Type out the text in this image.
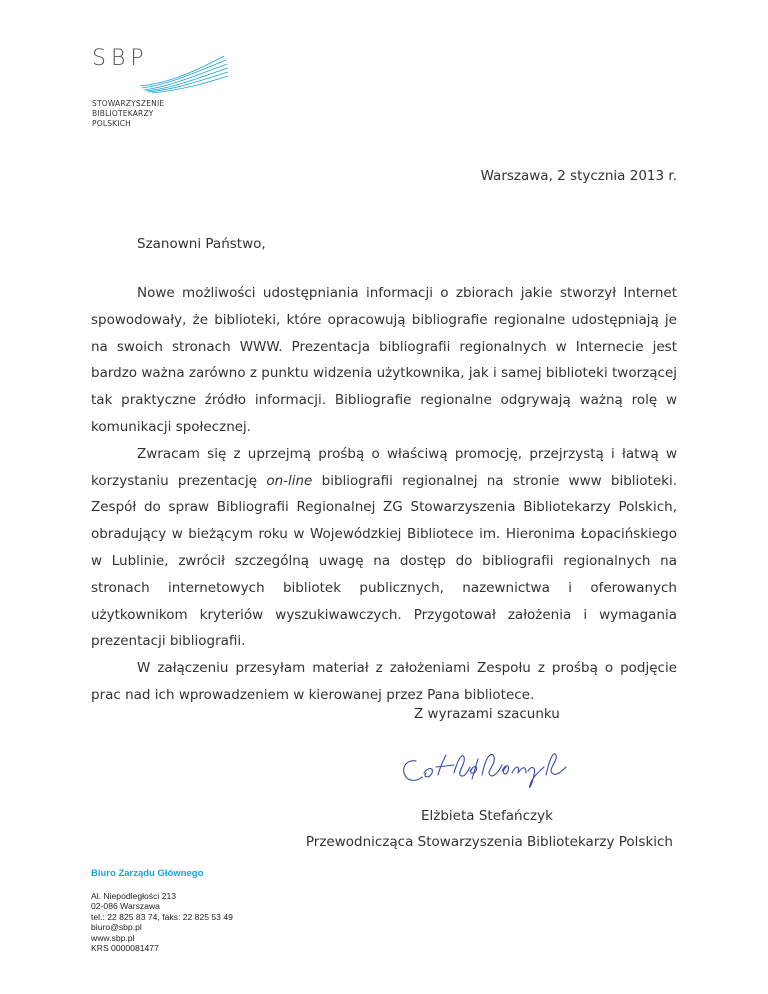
SBP
STOWARZYSZENIE
BIBLIOTEKARZY
POLSKICH
Warszawa, 2 stycznia 2013 r.
Szanowni Państwo,

Nowe możliwości udostępniania informacji o zbiorach jakie stworzył Internet spowodowały, że biblioteki, które opracowują bibliografie regionalne udostępniają je na swoich stronach WWW. Prezentacja bibliografii regionalnych w Internecie jest bardzo ważna zarówno z punktu widzenia użytkownika, jak i samej biblioteki tworzącej tak praktyczne źródło informacji. Bibliografie regionalne odgrywają ważną rolę w komunikacji społecznej.

Zwracam się z uprzejmą prośbą o właściwą promocję, przejrzystą i łatwą w korzystaniu prezentację on-line bibliografii regionalnej na stronie www biblioteki. Zespół do spraw Bibliografii Regionalnej ZG Stowarzyszenia Bibliotekarzy Polskich, obradujący w bieżącym roku w Wojewódzkiej Bibliotece im. Hieronima Łopacińskiego w Lublinie, zwrócił szczególną uwagę na dostęp do bibliografii regionalnych na stronach internetowych bibliotek publicznych, nazewnictwa i oferowanych użytkownikom kryteriów wyszukiwawczych. Przygotował założenia i wymagania prezentacji bibliografii.

W załączeniu przesyłam materiał z założeniami Zespołu z prośbą o podjęcie prac nad ich wprowadzeniem w kierowanej przez Pana bibliotece.

Z wyrazami szacunku
Elżbieta Stefańczyk
Przewodnicząca Stowarzyszenia Bibliotekarzy Polskich
Biuro Zarządu Głównego
Al. Niepodległości 213
02-086 Warszawa
tel.: 22 825 83 74, faks: 22 825 53 49
biuro@sbp.pl
www.sbp.pl
KRS 0000081477
